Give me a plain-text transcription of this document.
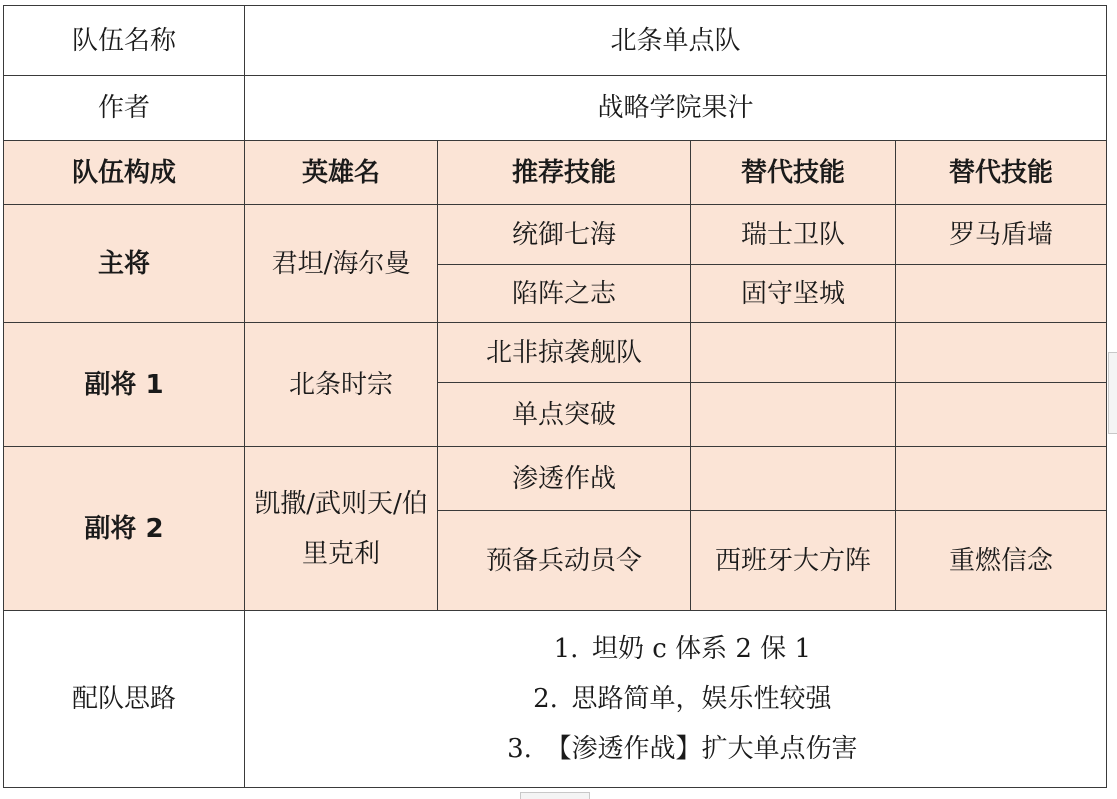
队伍名称	北条单点队			
作者	战略学院果汁			
队伍构成	英雄名	推荐技能	替代技能	替代技能
主将	君坦/海尔曼	统御七海	瑞士卫队	罗马盾墙
		陷阵之志	固守坚城	
副将 1	北条时宗	北非掠袭舰队		
		单点突破		
副将 2	凯撒/武则天/伯里克利	渗透作战		
		预备兵动员令	西班牙大方阵	重燃信念
配队思路	1. 坦奶 c 体系 2 保 1
2. 思路简单，娱乐性较强
3. 【渗透作战】扩大单点伤害			
